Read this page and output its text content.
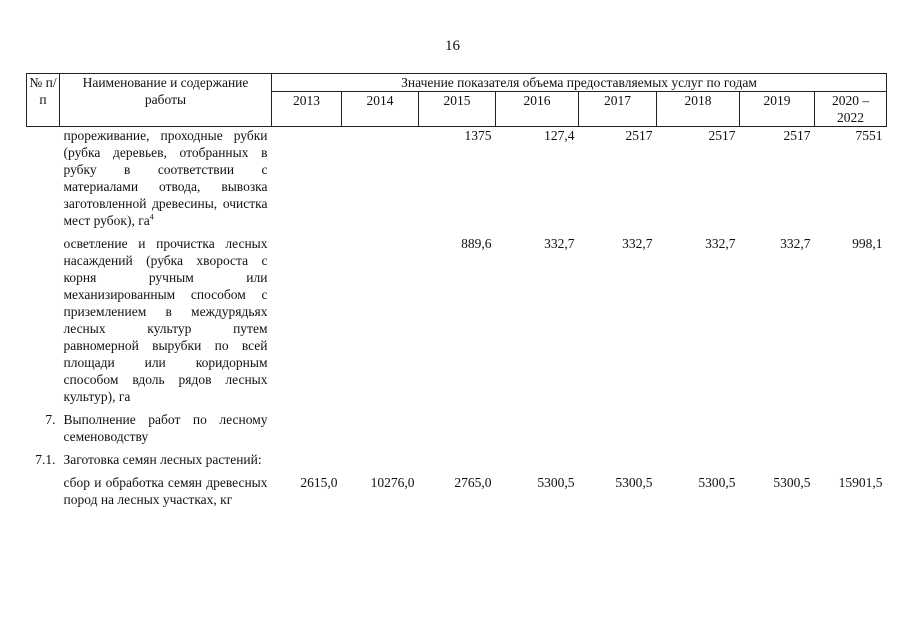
16
№ п/п	Наименование и содержание работы	Значение показателя объема предоставляемых услуг по годам							
		2013	2014	2015	2016	2017	2018	2019	2020 – 2022
	прореживание, проходные рубки (рубка деревьев, отобранных в рубку в соответствии с материалами отвода, вывозка заготовленной древесины, очистка мест рубок), $га^4$			1375	127,4	2517	2517	2517	7551
	осветление и прочистка лесных насаждений (рубка хвороста с корня ручным или механизированным способом с приземлением в междурядьях лесных культур путем равномерной вырубки по всей площади или коридорным способом вдоль рядов лесных культур), га			889,6	332,7	332,7	332,7	332,7	998,1
7.	Выполнение работ по лесному семеноводству								
7.1.	Заготовка семян лесных растений:								
	сбор и обработка семян древесных пород на лесных участках, кг	2615,0	10276,0	2765,0	5300,5	5300,5	5300,5	5300,5	15901,5
